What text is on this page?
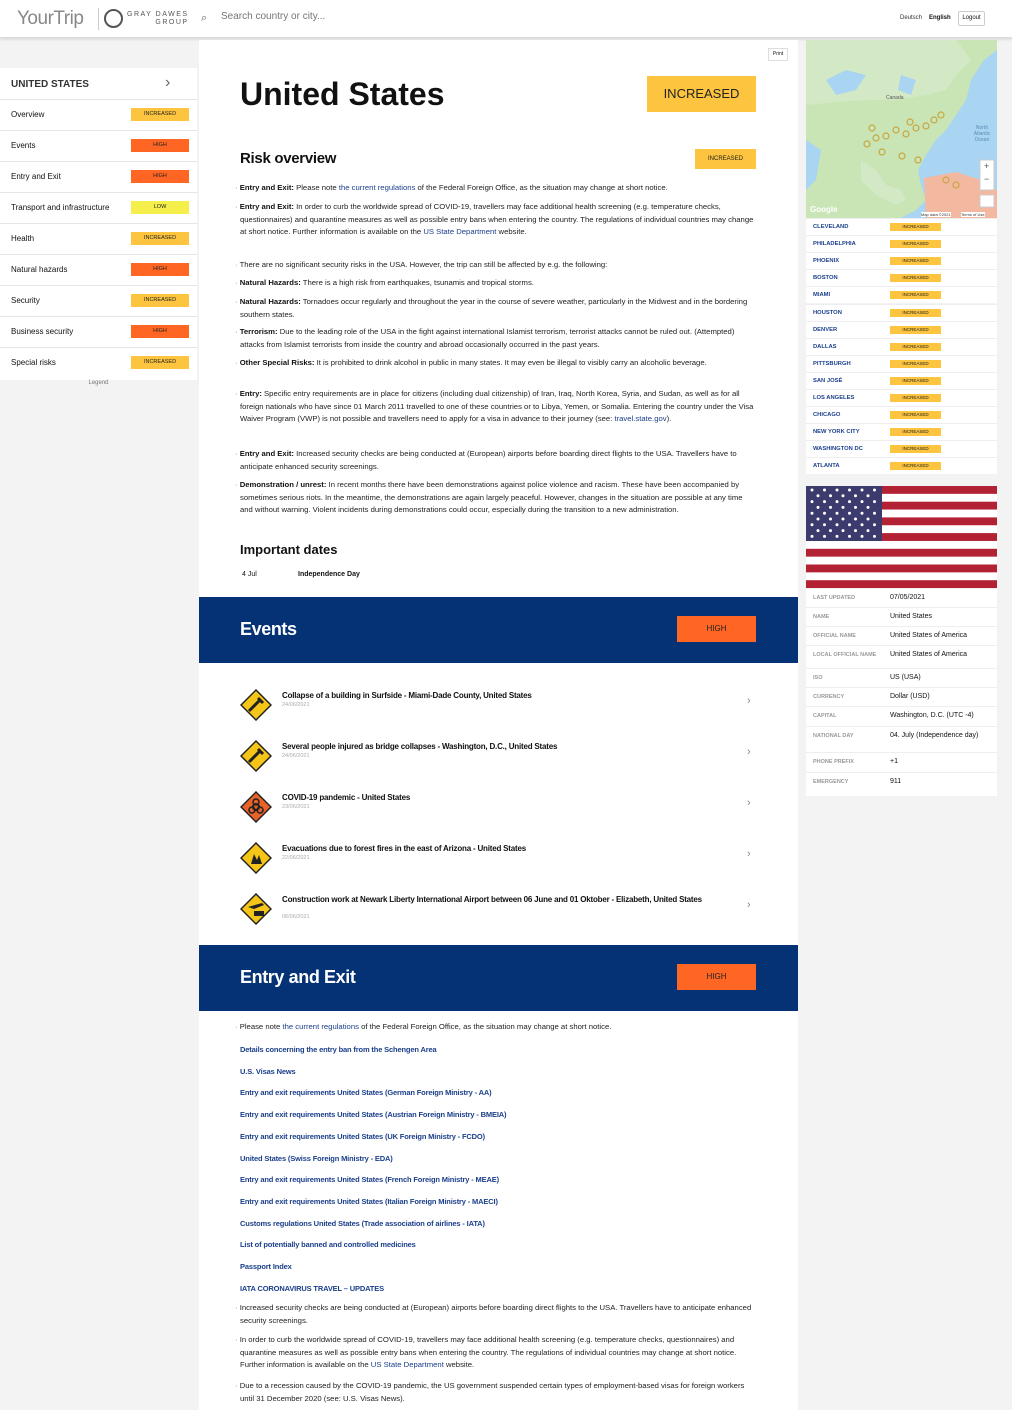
YourTrip	GRAY DAWES
GROUP ⌕
Search country or city...	Deutsch English	Logout
UNITED STATES	›
Overview	INCREASED
Events	HIGH
Entry and Exit	HIGH
Transport and infrastructure	LOW
Health	INCREASED
Natural hazards	HIGH
Security	INCREASED
Business security	HIGH
Special risks	INCREASED
Legend
Print
United States	INCREASED
Risk overview	INCREASED
· Entry and Exit: Please note the current regulations of the Federal Foreign Office, as the situation may change at short notice.
· Entry and Exit: In order to curb the worldwide spread of COVID-19, travellers may face additional health screening (e.g. temperature checks, questionnaires) and quarantine measures as well as possible entry bans when entering the country. The regulations of individual countries may change at short notice. Further information is available on the US State Department website.
· There are no significant security risks in the USA. However, the trip can still be affected by e.g. the following:
· Natural Hazards: There is a high risk from earthquakes, tsunamis and tropical storms.
· Natural Hazards: Tornadoes occur regularly and throughout the year in the course of severe weather, particularly in the Midwest and in the bordering southern states.
· Terrorism: Due to the leading role of the USA in the fight against international Islamist terrorism, terrorist attacks cannot be ruled out. (Attempted) attacks from Islamist terrorists from inside the country and abroad occasionally occurred in the past years.
· Other Special Risks: It is prohibited to drink alcohol in public in many states. It may even be illegal to visibly carry an alcoholic beverage.
· Entry: Specific entry requirements are in place for citizens (including dual citizenship) of Iran, Iraq, North Korea, Syria, and Sudan, as well as for all foreign nationals who have since 01 March 2011 travelled to one of these countries or to Libya, Yemen, or Somalia. Entering the country under the Visa Waiver Program (VWP) is not possible and travellers need to apply for a visa in advance to their journey (see: travel.state.gov).
· Entry and Exit: Increased security checks are being conducted at (European) airports before boarding direct flights to the USA. Travellers have to anticipate enhanced security screenings.
· Demonstration / unrest: In recent months there have been demonstrations against police violence and racism. These have been accompanied by sometimes serious riots. In the meantime, the demonstrations are again largely peaceful. However, changes in the situation are possible at any time and without warning. Violent incidents during demonstrations could occur, especially during the transition to a new administration.
Important dates
4 Jul	Independence Day
Events	HIGH
Collapse of a building in Surfside - Miami-Dade County, United States
24/06/2021	›
Several people injured as bridge collapses - Washington, D.C., United States
24/06/2021	›
COVID-19 pandemic - United States
23/06/2021	›
Evacuations due to forest fires in the east of Arizona - United States
22/06/2021	›
Construction work at Newark Liberty International Airport between 06 June and 01 Oktober - Elizabeth, United States
06/06/2021
›
Entry and Exit	HIGH
· Please note the current regulations of the Federal Foreign Office, as the situation may change at short notice.
Details concerning the entry ban from the Schengen Area
U.S. Visas News
Entry and exit requirements United States (German Foreign Ministry - AA)
Entry and exit requirements United States (Austrian Foreign Ministry - BMEIA)
Entry and exit requirements United States (UK Foreign Ministry - FCDO)
United States (Swiss Foreign Ministry - EDA)
Entry and exit requirements United States (French Foreign Ministry - MEAE)
Entry and exit requirements United States (Italian Foreign Ministry - MAECI)
Customs regulations United States (Trade association of airlines - IATA)
List of potentially banned and controlled medicines
Passport Index
IATA CORONAVIRUS TRAVEL – UPDATES
· Increased security checks are being conducted at (European) airports before boarding direct flights to the USA. Travellers have to anticipate enhanced security screenings.
· In order to curb the worldwide spread of COVID-19, travellers may face additional health screening (e.g. temperature checks, questionnaires) and quarantine measures as well as possible entry bans when entering the country. The regulations of individual countries may change at short notice. Further information is available on the US State Department website.
· Due to a recession caused by the COVID-19 pandemic, the US government suspended certain types of employment-based visas for foreign workers until 31 December 2020 (see: U.S. Visas News).
Canada
North Atlantic Ocean
+
−
Google
Map data ©2021	Terms of Use
CLEVELAND	INCREASED
PHILADELPHIA	INCREASED
PHOENIX	INCREASED
BOSTON	INCREASED
MIAMI	INCREASED
HOUSTON	INCREASED
DENVER	INCREASED
DALLAS	INCREASED
PITTSBURGH	INCREASED
SAN JOSÉ	INCREASED
LOS ANGELES	INCREASED
CHICAGO	INCREASED
NEW YORK CITY	INCREASED
WASHINGTON DC	INCREASED
ATLANTA	INCREASED
LAST UPDATED	07/05/2021
NAME	United States
OFFICIAL NAME	United States of America
LOCAL OFFICIAL NAME	United States of America
ISO	US (USA)
CURRENCY	Dollar (USD)
CAPITAL	Washington, D.C. (UTC -4)
NATIONAL DAY	04. July (Independence day)
PHONE PREFIX	+1
EMERGENCY	911
